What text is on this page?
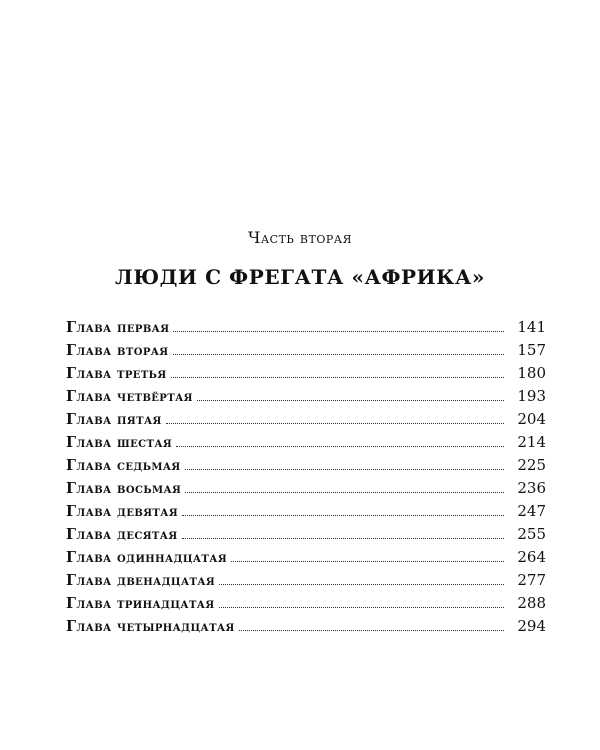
Часть вторая
ЛЮДИ С ФРЕГАТА «АФРИКА»
Глава первая	141
Глава вторая	157
Глава третья	180
Глава четвёртая	193
Глава пятая	204
Глава шестая	214
Глава седьмая	225
Глава восьмая	236
Глава девятая	247
Глава десятая	255
Глава одиннадцатая	264
Глава двенадцатая	277
Глава тринадцатая	288
Глава четырнадцатая	294
